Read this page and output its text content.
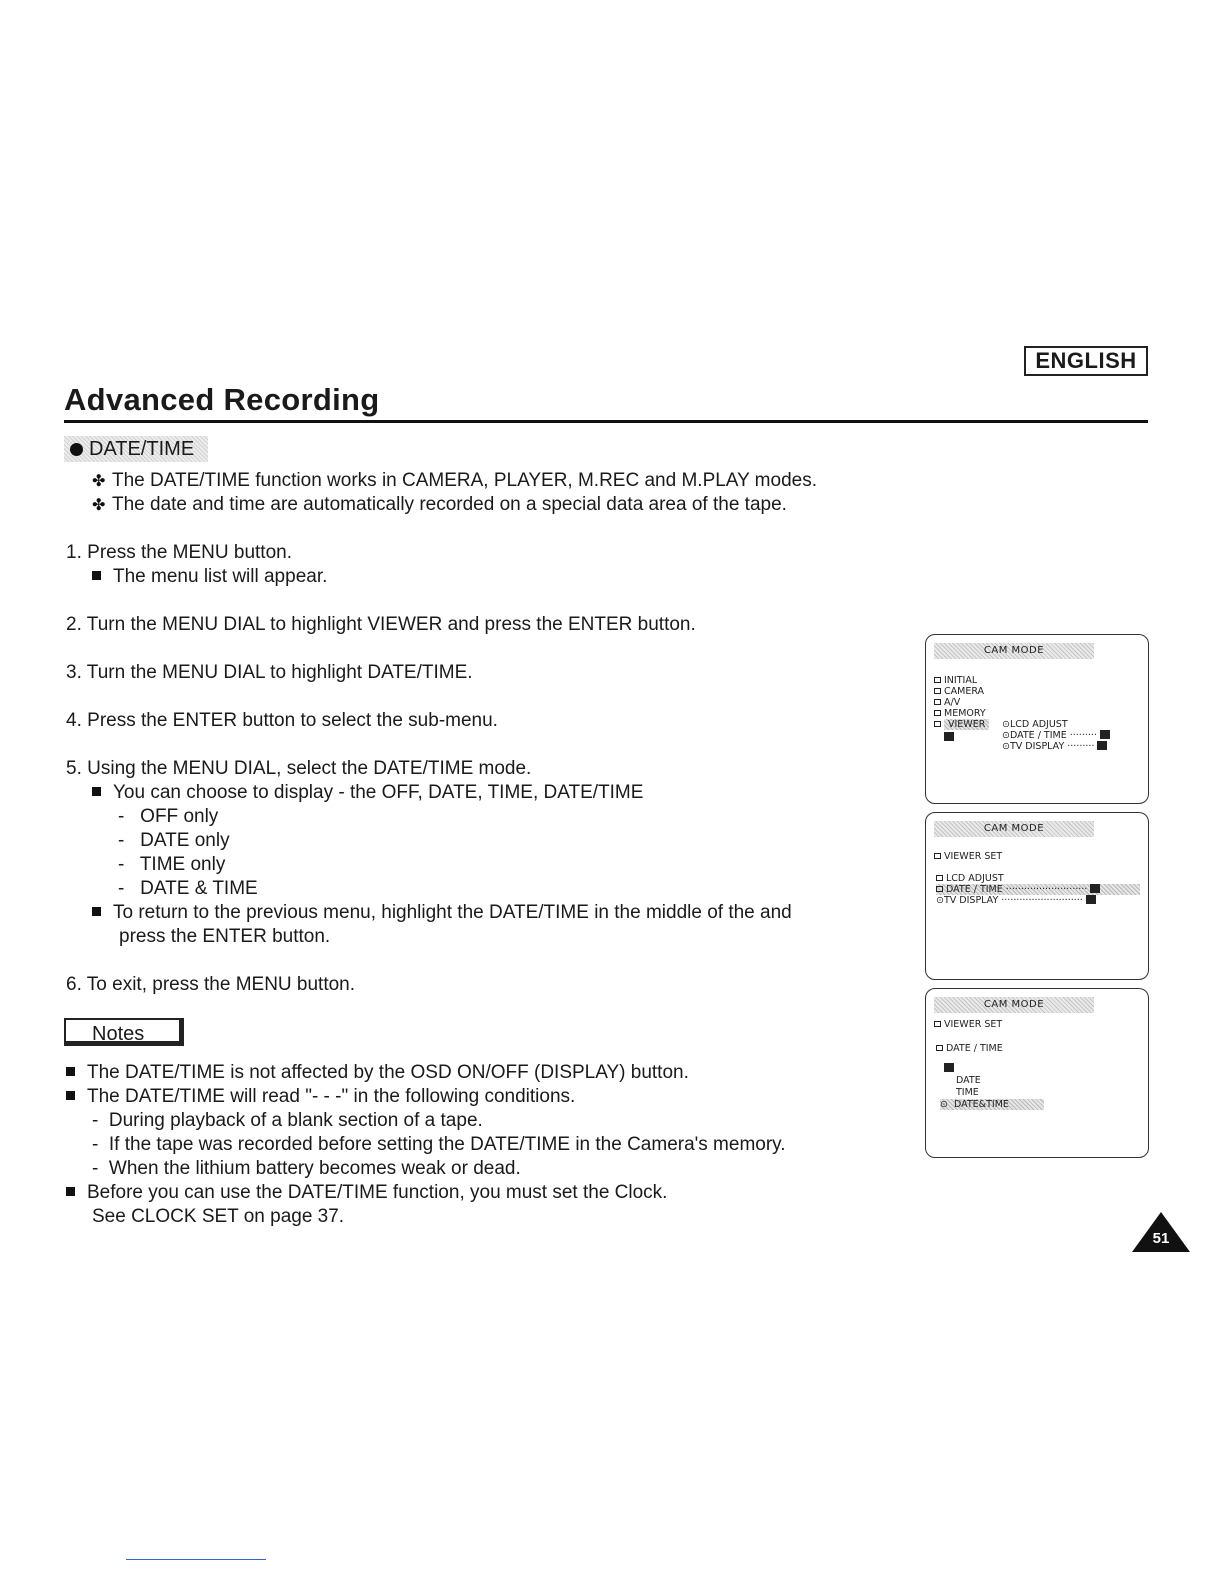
ENGLISH
Advanced Recording
DATE/TIME
✤ The DATE/TIME function works in CAMERA, PLAYER, M.REC and M.PLAY modes.
✤ The date and time are automatically recorded on a special data area of the tape.
1. Press the MENU button.
The menu list will appear.
2. Turn the MENU DIAL to highlight VIEWER and press the ENTER button.
3. Turn the MENU DIAL to highlight DATE/TIME.
4. Press the ENTER button to select the sub-menu.
5. Using the MENU DIAL, select the DATE/TIME mode.
You can choose to display - the OFF, DATE, TIME, DATE/TIME
-   OFF only
-   DATE only
-   TIME only
-   DATE & TIME
To return to the previous menu, highlight the DATE/TIME in the middle of the and
press the ENTER button.
6. To exit, press the MENU button.
Notes
The DATE/TIME is not affected by the OSD ON/OFF (DISPLAY) button.
The DATE/TIME will read "- - -" in the following conditions.
-  During playback of a blank section of a tape.
-  If the tape was recorded before setting the DATE/TIME in the Camera's memory.
-  When the lithium battery becomes weak or dead.
Before you can use the DATE/TIME function, you must set the Clock.
See CLOCK SET on page 37.
CAM MODE
INITIAL
CAMERA
A/V
MEMORY
VIEWER	⊙LCD ADJUST
⊙DATE / TIME ·········
⊙TV DISPLAY ·········
CAM MODE
VIEWER SET
LCD ADJUST
DATE / TIME ···························
⊙TV DISPLAY ···························
CAM MODE
VIEWER SET
DATE / TIME
DATE
TIME
⊙ DATE&TIME
51
